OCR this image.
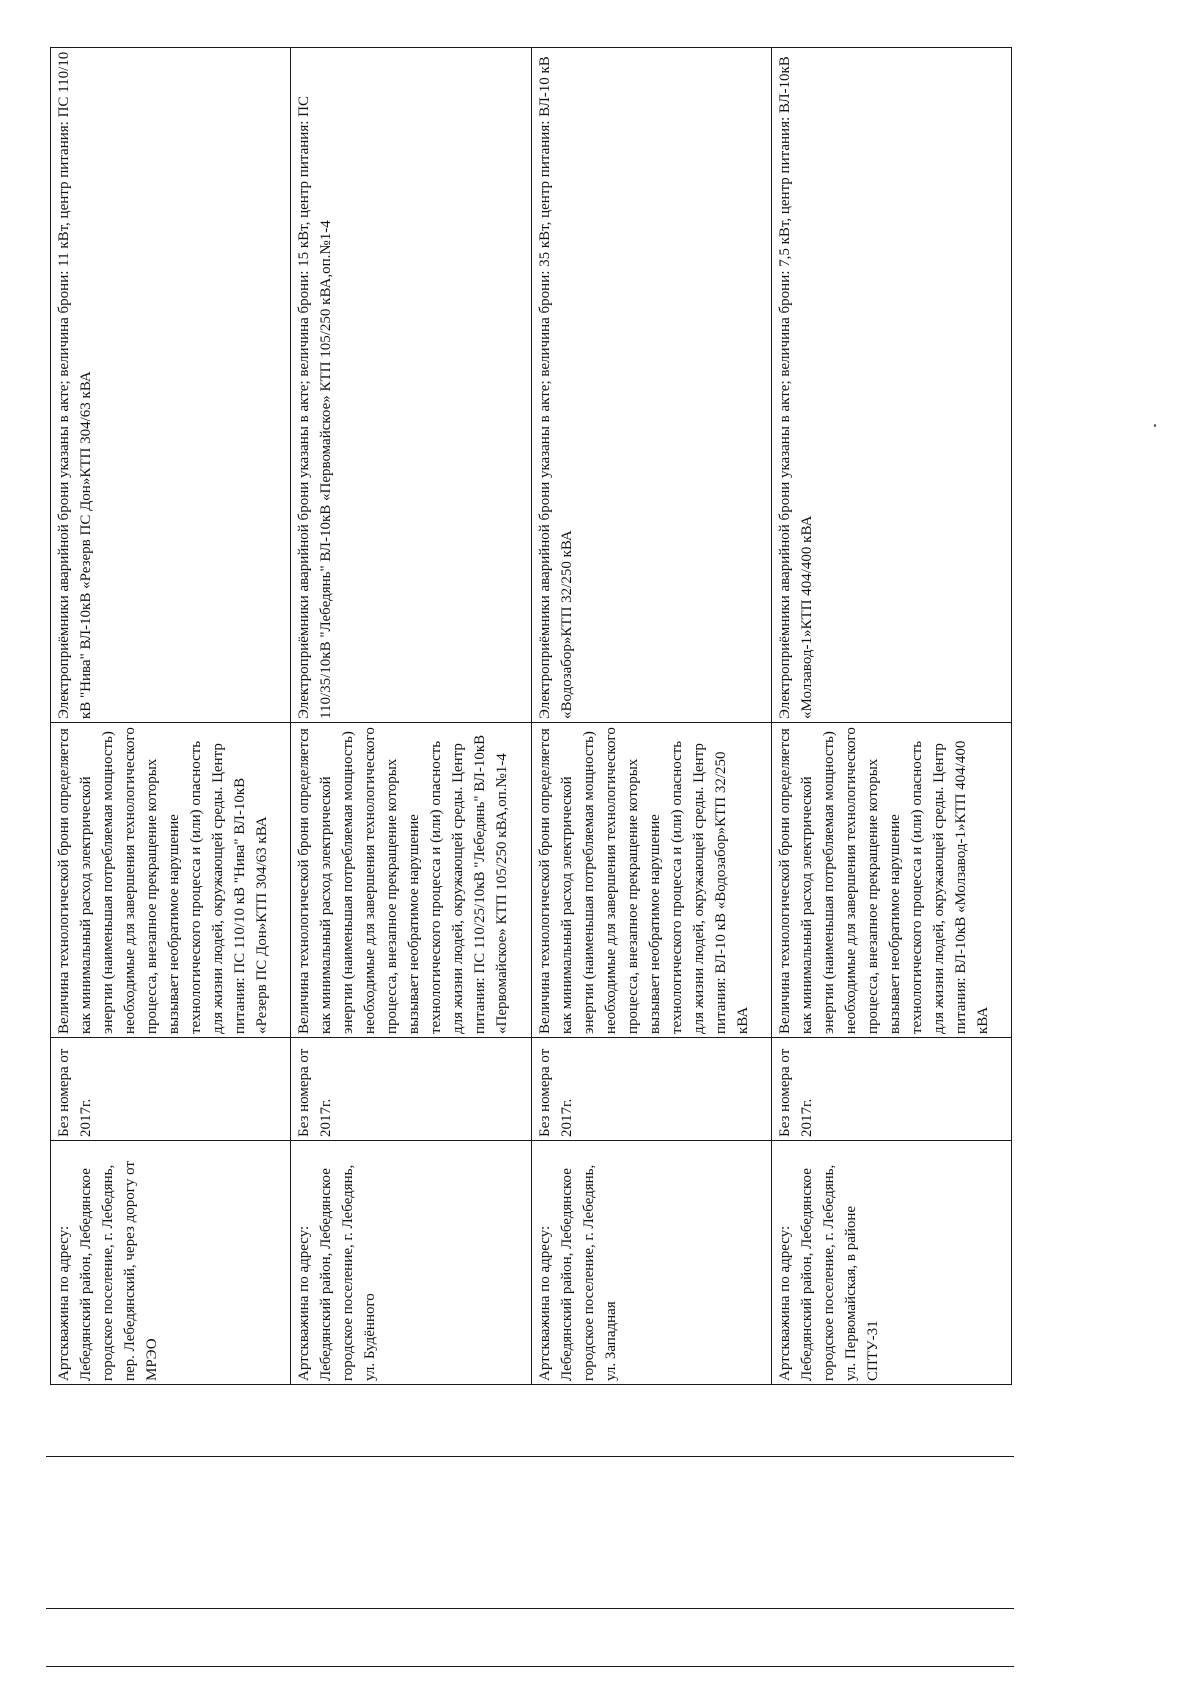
Артскважина по адресу: Лебедянский район, Лебедянское городское поселение, г. Лебедянь, пер. Лебедянский, через дорогу от МРЭО	Без номера от 2017г.	Величина технологической брони определяется как минимальный расход электрической энергии (наименьшая потребляемая мощность) необходимые для завершения технологического процесса, внезапное прекращение которых вызывает необратимое нарушение технологического процесса и (или) опасность для жизни людей, окружающей среды. Центр питания: ПС 110/10 кВ "Нива" ВЛ-10кВ «Резерв ПС Дон»КТП 304/63 кВА	Электроприёмники аварийной брони указаны в акте; величина брони: 11 кВт, центр питания: ПС 110/10 кВ "Нива" ВЛ-10кВ «Резерв ПС Дон»КТП 304/63 кВА
Артскважина по адресу: Лебедянский район, Лебедянское городское поселение, г. Лебедянь, ул. Будённого	Без номера от 2017г.	Величина технологической брони определяется как минимальный расход электрической энергии (наименьшая потребляемая мощность) необходимые для завершения технологического процесса, внезапное прекращение которых вызывает необратимое нарушение технологического процесса и (или) опасность для жизни людей, окружающей среды. Центр питания: ПС 110/25/10кВ "Лебедянь" ВЛ-10кВ «Первомайское» КТП 105/250 кВА,оп.№1-4	Электроприёмники аварийной брони указаны в акте; величина брони: 15 кВт, центр питания: ПС 110/35/10кВ "Лебедянь" ВЛ-10кВ «Первомайское» КТП 105/250 кВА,оп.№1-4
Артскважина по адресу: Лебедянский район, Лебедянское городское поселение, г. Лебедянь, ул. Западная	Без номера от 2017г.	Величина технологической брони определяется как минимальный расход электрической энергии (наименьшая потребляемая мощность) необходимые для завершения технологического процесса, внезапное прекращение которых вызывает необратимое нарушение технологического процесса и (или) опасность для жизни людей, окружающей среды. Центр питания: ВЛ-10 кВ «Водозабор»КТП 32/250 кВА	Электроприёмники аварийной брони указаны в акте; величина брони: 35 кВт, центр питания: ВЛ-10 кВ «Водозабор»КТП 32/250 кВА
Артскважина по адресу: Лебедянский район, Лебедянское городское поселение, г. Лебедянь, ул. Первомайская, в районе СПТУ-31	Без номера от 2017г.	Величина технологической брони определяется как минимальный расход электрической энергии (наименьшая потребляемая мощность) необходимые для завершения технологического процесса, внезапное прекращение которых вызывает необратимое нарушение технологического процесса и (или) опасность для жизни людей, окружающей среды. Центр питания: ВЛ-10кВ «Молзавод-1»КТП 404/400 кВА	Электроприёмники аварийной брони указаны в акте; величина брони: 7,5 кВт, центр питания: ВЛ-10кВ «Молзавод-1»КТП 404/400 кВА
